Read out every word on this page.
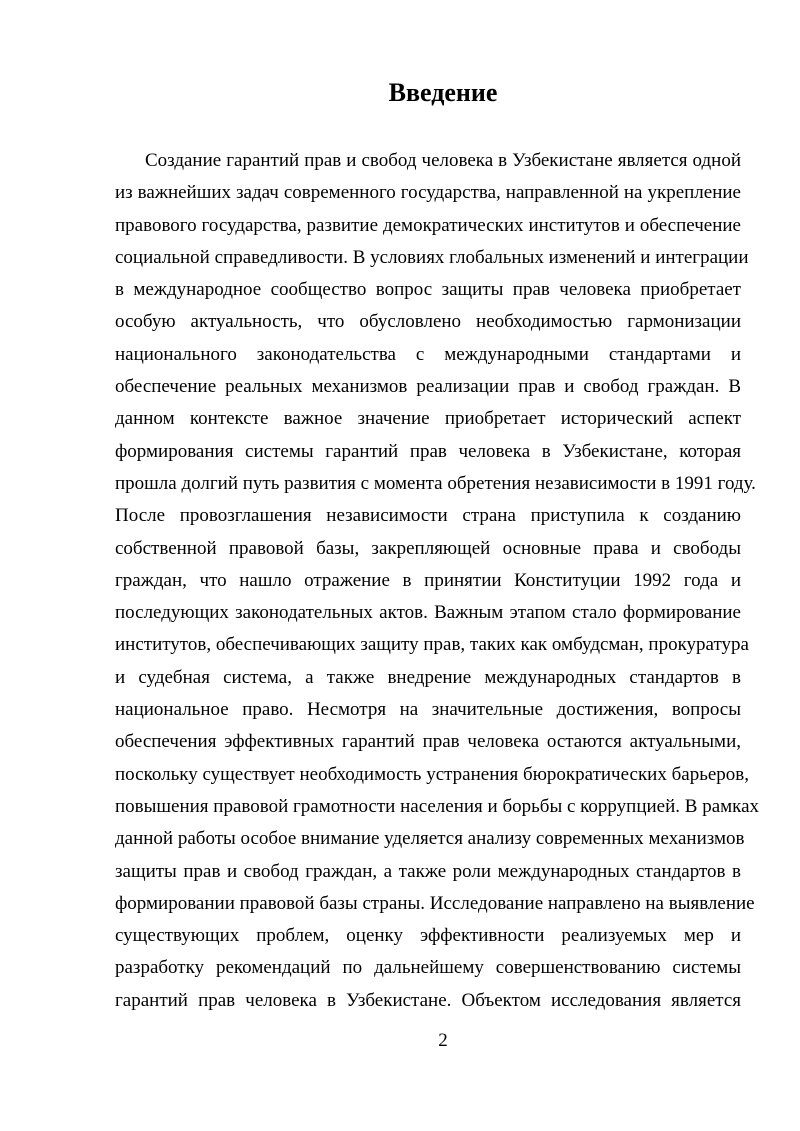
Введение
Создание гарантий прав и свобод человека в Узбекистане является одной
из важнейших задач современного государства, направленной на укрепление
правового государства, развитие демократических институтов и обеспечение
социальной справедливости. В условиях глобальных изменений и интеграции
в международное сообщество вопрос защиты прав человека приобретает
особую актуальность, что обусловлено необходимостью гармонизации
национального законодательства с международными стандартами и
обеспечение реальных механизмов реализации прав и свобод граждан. В
данном контексте важное значение приобретает исторический аспект
формирования системы гарантий прав человека в Узбекистане, которая
прошла долгий путь развития с момента обретения независимости в 1991 году.
После провозглашения независимости страна приступила к созданию
собственной правовой базы, закрепляющей основные права и свободы
граждан, что нашло отражение в принятии Конституции 1992 года и
последующих законодательных актов. Важным этапом стало формирование
институтов, обеспечивающих защиту прав, таких как омбудсман, прокуратура
и судебная система, а также внедрение международных стандартов в
национальное право. Несмотря на значительные достижения, вопросы
обеспечения эффективных гарантий прав человека остаются актуальными,
поскольку существует необходимость устранения бюрократических барьеров,
повышения правовой грамотности населения и борьбы с коррупцией. В рамках
данной работы особое внимание уделяется анализу современных механизмов
защиты прав и свобод граждан, а также роли международных стандартов в
формировании правовой базы страны. Исследование направлено на выявление
существующих проблем, оценку эффективности реализуемых мер и
разработку рекомендаций по дальнейшему совершенствованию системы
гарантий прав человека в Узбекистане. Объектом исследования является
2
